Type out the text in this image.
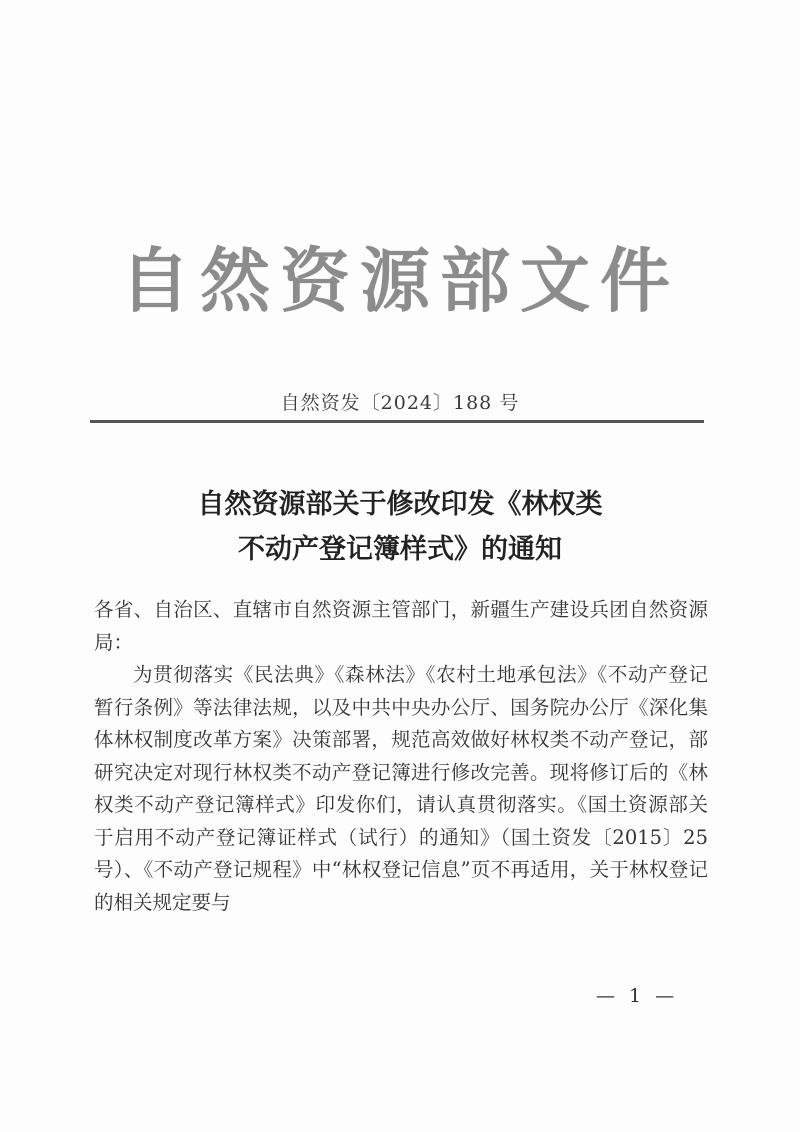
自然资源部文件
自然资发〔2024〕188 号
自然资源部关于修改印发《林权类
不动产登记簿样式》的通知

各省、自治区、直辖市自然资源主管部门，新疆生产建设兵团自然资源局：

为贯彻落实《民法典》《森林法》《农村土地承包法》《不动产登记暂行条例》等法律法规，以及中共中央办公厅、国务院办公厅《深化集体林权制度改革方案》决策部署，规范高效做好林权类不动产登记，部研究决定对现行林权类不动产登记簿进行修改完善。现将修订后的《林权类不动产登记簿样式》印发你们，请认真贯彻落实。《国土资源部关于启用不动产登记簿证样式（试行）的通知》（国土资发〔2015〕25 号）、《不动产登记规程》中“林权登记信息”页不再适用，关于林权登记的相关规定要与

— 1 —
